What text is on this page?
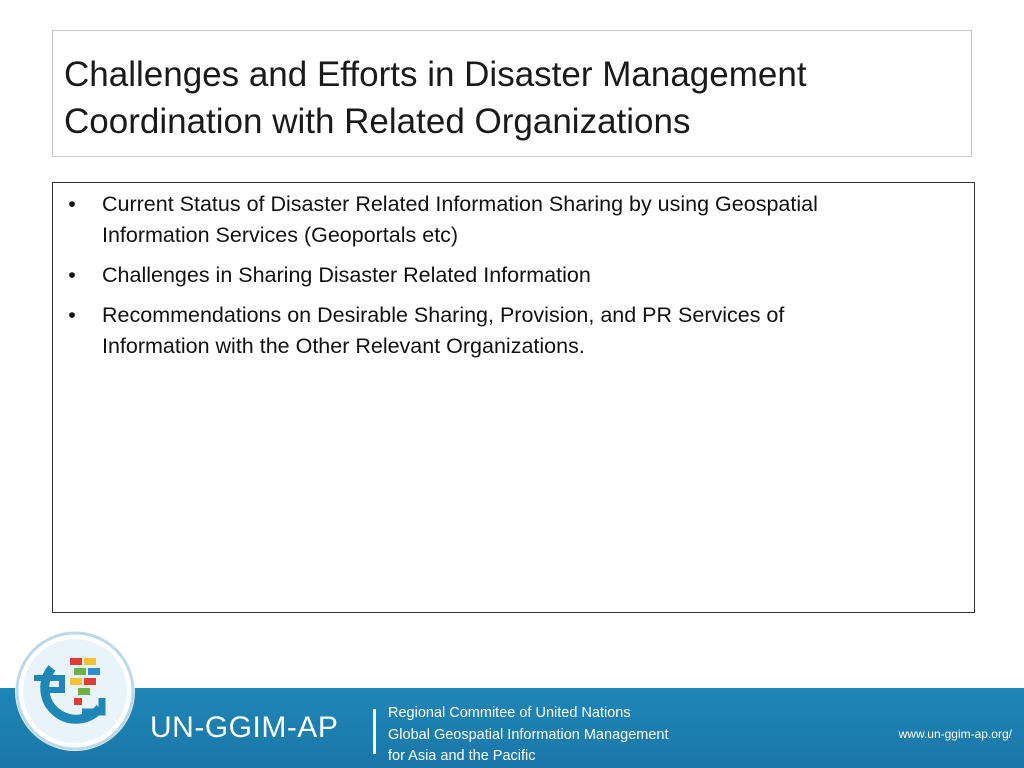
Challenges and Efforts in Disaster Management
Coordination with Related Organizations
• Current Status of Disaster Related Information Sharing by using Geospatial
Information Services (Geoportals etc)
• Challenges in Sharing Disaster Related Information
• Recommendations on Desirable Sharing, Provision, and PR Services of
Information with the Other Relevant Organizations.
UN-GGIM-AP	Regional Commitee of United Nations
Global Geospatial Information Management
for Asia and the Pacific
www.un-ggim-ap.org/
